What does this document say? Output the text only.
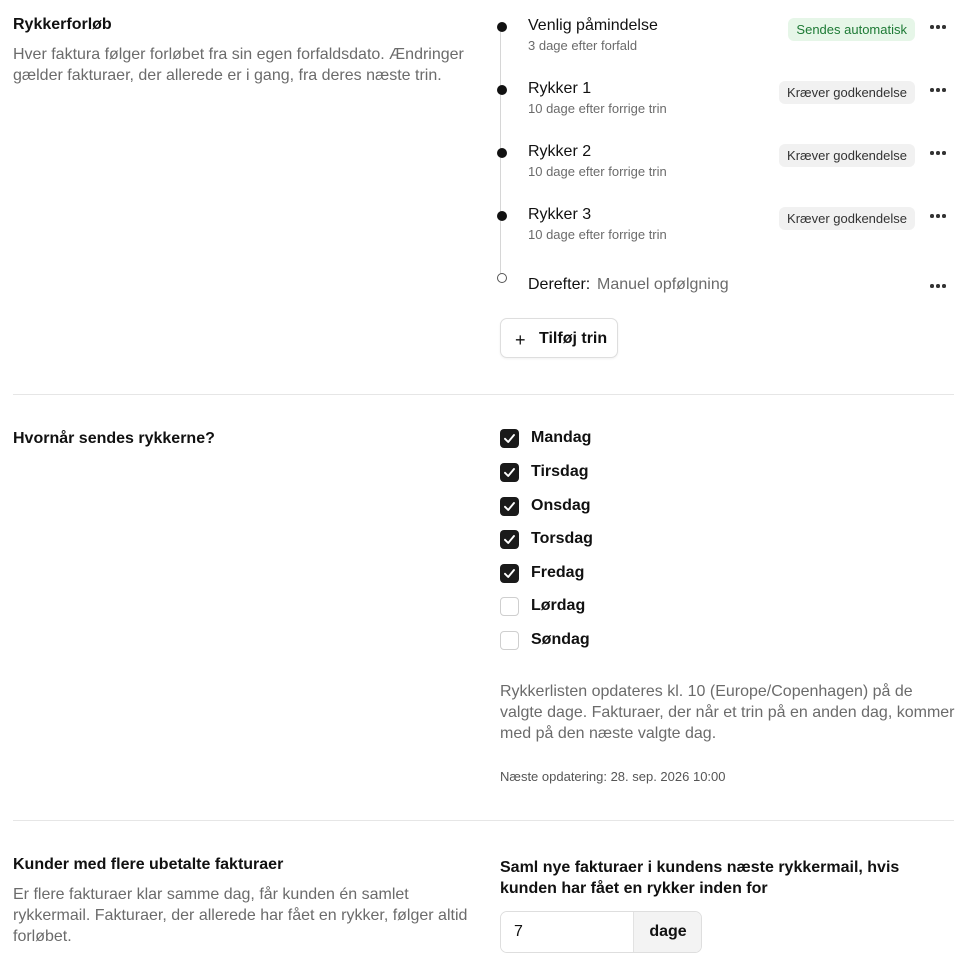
Rykkerforløb
Hver faktura følger forløbet fra sin egen forfaldsdato. Ændringer gælder fakturaer, der allerede er i gang, fra deres næste trin.
Venlig påmindelse
3 dage efter forfald
Sendes automatisk
Rykker 1
10 dage efter forrige trin
Kræver godkendelse
Rykker 2
10 dage efter forrige trin
Kræver godkendelse
Rykker 3
10 dage efter forrige trin
Kræver godkendelse
Derefter: Manuel opfølgning
+ Tilføj trin
Hvornår sendes rykkerne?	Mandag
Tirsdag
Onsdag
Torsdag
Fredag
Lørdag
Søndag
Rykkerlisten opdateres kl. 10 (Europe/Copenhagen) på de valgte dage. Fakturaer, der når et trin på en anden dag, kommer med på den næste valgte dag.
Næste opdatering: 28. sep. 2026 10:00
Kunder med flere ubetalte fakturaer
Er flere fakturaer klar samme dag, får kunden én samlet rykkermail. Fakturaer, der allerede har fået en rykker, følger altid forløbet.
Saml nye fakturaer i kundens næste rykkermail, hvis kunden har fået en rykker inden for
7
dage
